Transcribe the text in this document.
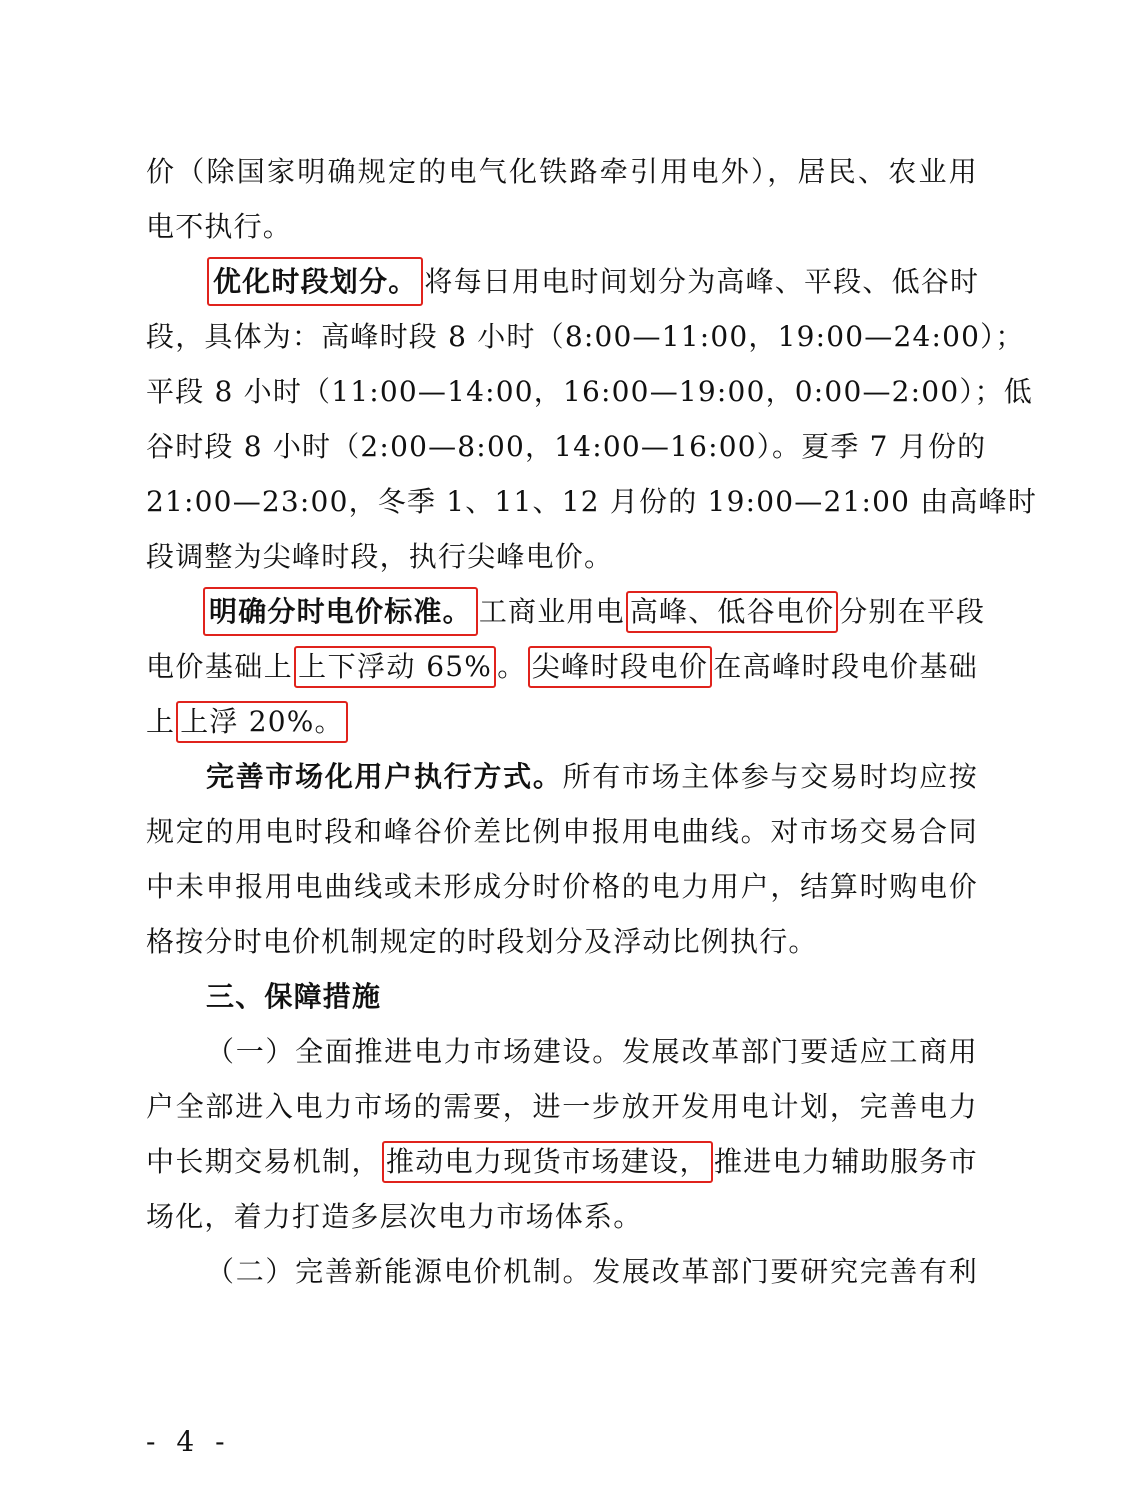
价（除国家明确规定的电气化铁路牵引用电外），居民、农业用
电不执行。
优化时段划分。 将每日用电时间划分为高峰、平段、低谷时
段，具体为：高峰时段 8 小时（8:00—11:00，19:00—24:00）；
平段 8 小时（11:00—14:00，16:00—19:00，0:00—2:00）；低
谷时段 8 小时（2:00—8:00，14:00—16:00）。夏季 7 月份的
21:00—23:00，冬季 1、11、12 月份的 19:00—21:00 由高峰时
段调整为尖峰时段，执行尖峰电价。
明确分时电价标准。 工商业用电 高峰、低谷电价 分别在平段
电价基础上 上下浮动 65% 。 尖峰时段电价 在高峰时段电价基础
上 上浮 20%。
完善市场化用户执行方式。所有市场主体参与交易时均应按
规定的用电时段和峰谷价差比例申报用电曲线。对市场交易合同
中未申报用电曲线或未形成分时价格的电力用户，结算时购电价
格按分时电价机制规定的时段划分及浮动比例执行。
三、保障措施
（一）全面推进电力市场建设。发展改革部门要适应工商用
户全部进入电力市场的需要，进一步放开发用电计划，完善电力
中长期交易机制， 推动电力现货市场建设， 推进电力辅助服务市
场化，着力打造多层次电力市场体系。
（二）完善新能源电价机制。发展改革部门要研究完善有利
- 4 -
